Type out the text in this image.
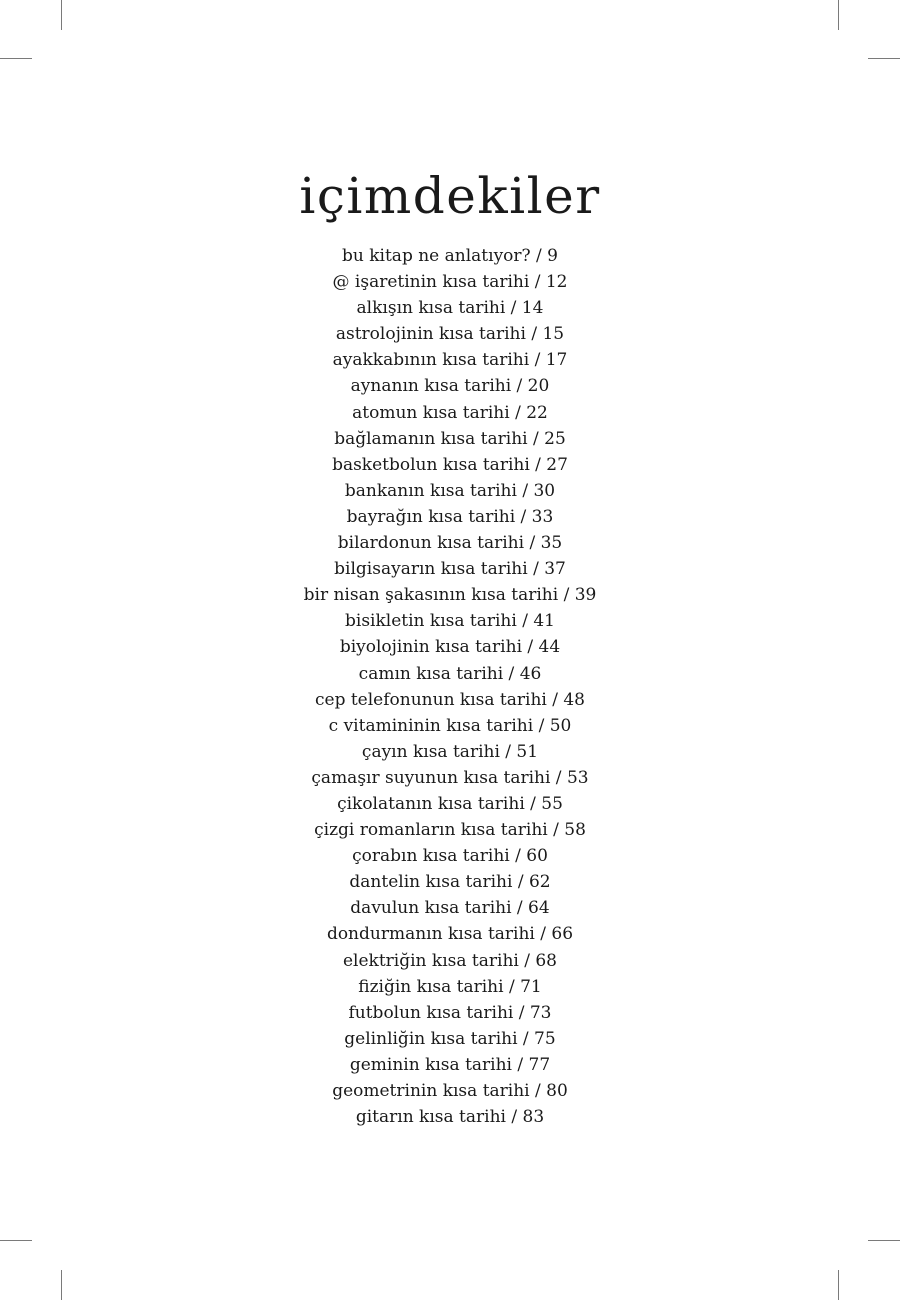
içimdekiler
bu kitap ne anlatıyor? / 9
@ işaretinin kısa tarihi / 12
alkışın kısa tarihi / 14
astrolojinin kısa tarihi / 15
ayakkabının kısa tarihi / 17
aynanın kısa tarihi / 20
atomun kısa tarihi / 22
bağlamanın kısa tarihi / 25
basketbolun kısa tarihi / 27
bankanın kısa tarihi / 30
bayrağın kısa tarihi / 33
bilardonun kısa tarihi / 35
bilgisayarın kısa tarihi / 37
bir nisan şakasının kısa tarihi / 39
bisikletin kısa tarihi / 41
biyolojinin kısa tarihi / 44
camın kısa tarihi / 46
cep telefonunun kısa tarihi / 48
c vitamininin kısa tarihi / 50
çayın kısa tarihi / 51
çamaşır suyunun kısa tarihi / 53
çikolatanın kısa tarihi / 55
çizgi romanların kısa tarihi / 58
çorabın kısa tarihi / 60
dantelin kısa tarihi / 62
davulun kısa tarihi / 64
dondurmanın kısa tarihi / 66
elektriğin kısa tarihi / 68
fiziğin kısa tarihi / 71
futbolun kısa tarihi / 73
gelinliğin kısa tarihi / 75
geminin kısa tarihi / 77
geometrinin kısa tarihi / 80
gitarın kısa tarihi / 83
